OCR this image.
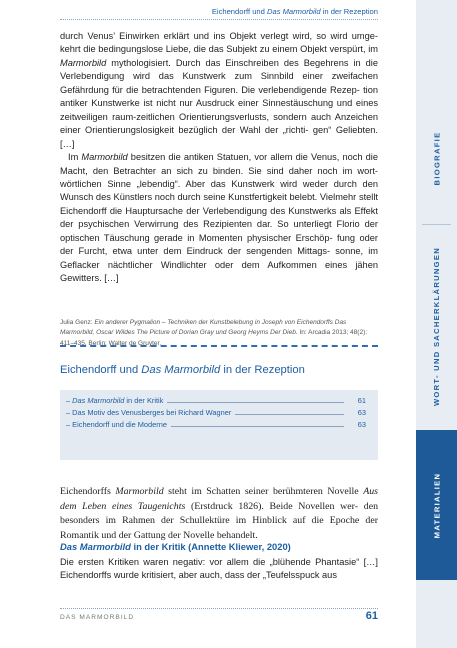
Eichendorff und Das Marmorbild in der Rezeption
BIOGRAFIE
WORT- UND SACHERKLÄRUNGEN
MATERIALIEN

durch Venus’ Einwirken erklärt und ins Objekt verlegt wird, so wird umge- kehrt die bedingungslose Liebe, die das Subjekt zu einem Objekt verspürt, im Marmorbild mythologisiert. Durch das Einschreiben des Begehrens in die Verlebendigung wird das Kunstwerk zum Sinnbild einer zweifachen Gefährdung für die betrachtenden Figuren. Die verlebendigende Rezep- tion antiker Kunstwerke ist nicht nur Ausdruck einer Sinnestäuschung und eines zeitweiligen raum-zeitlichen Orientierungsverlusts, sondern auch Anzeichen einer Orientierungslosigkeit bezüglich der Wahl der „richti- gen“ Geliebten. […]

Im Marmorbild besitzen die antiken Statuen, vor allem die Venus, noch die Macht, den Betrachter an sich zu binden. Sie sind daher noch im wort- wörtlichen Sinne „lebendig“. Aber das Kunstwerk wird weder durch den Wunsch des Künstlers noch durch seine Kunstfertigkeit belebt. Vielmehr stellt Eichendorff die Hauptursache der Verlebendigung des Kunstwerks als Effekt der psychischen Verwirrung des Rezipienten dar. So unterliegt Florio der optischen Täuschung gerade in Momenten physischer Erschöp- fung oder der Furcht, etwa unter dem Eindruck der sengenden Mittags- sonne, im Geflacker nächtlicher Windlichter oder dem Aufkommen eines jähen Gewitters. […]

Julia Genz: Ein anderer Pygmalion – Techniken der Kunstbelebung in Joseph von Eichendorffs Das Marmorbild, Oscar Wildes The Picture of Dorian Gray und Georg Heyms Der Dieb. In: Arcadia 2013; 48(2): 411–435. Berlin: Walter de Gruyter.
Eichendorff und Das Marmorbild in der Rezeption
– Das Marmorbild in der Kritik	61
– Das Motiv des Venusberges bei Richard Wagner	63
– Eichendorff und die Moderne	63
Eichendorffs Marmorbild steht im Schatten seiner berühmteren Novelle Aus dem Leben eines Taugenichts (Erstdruck 1826). Beide Novellen wer- den besonders im Rahmen der Schullektüre im Hinblick auf die Epoche der Romantik und der Gattung der Novelle behandelt.
Das Marmorbild in der Kritik (Annette Kliewer, 2020)

Die ersten Kritiken waren negativ: vor allem die „blühende Phantasie“ […] Eichendorffs wurde kritisiert, aber auch, dass der „Teufelsspuck aus

DAS MARMORBILD	61
